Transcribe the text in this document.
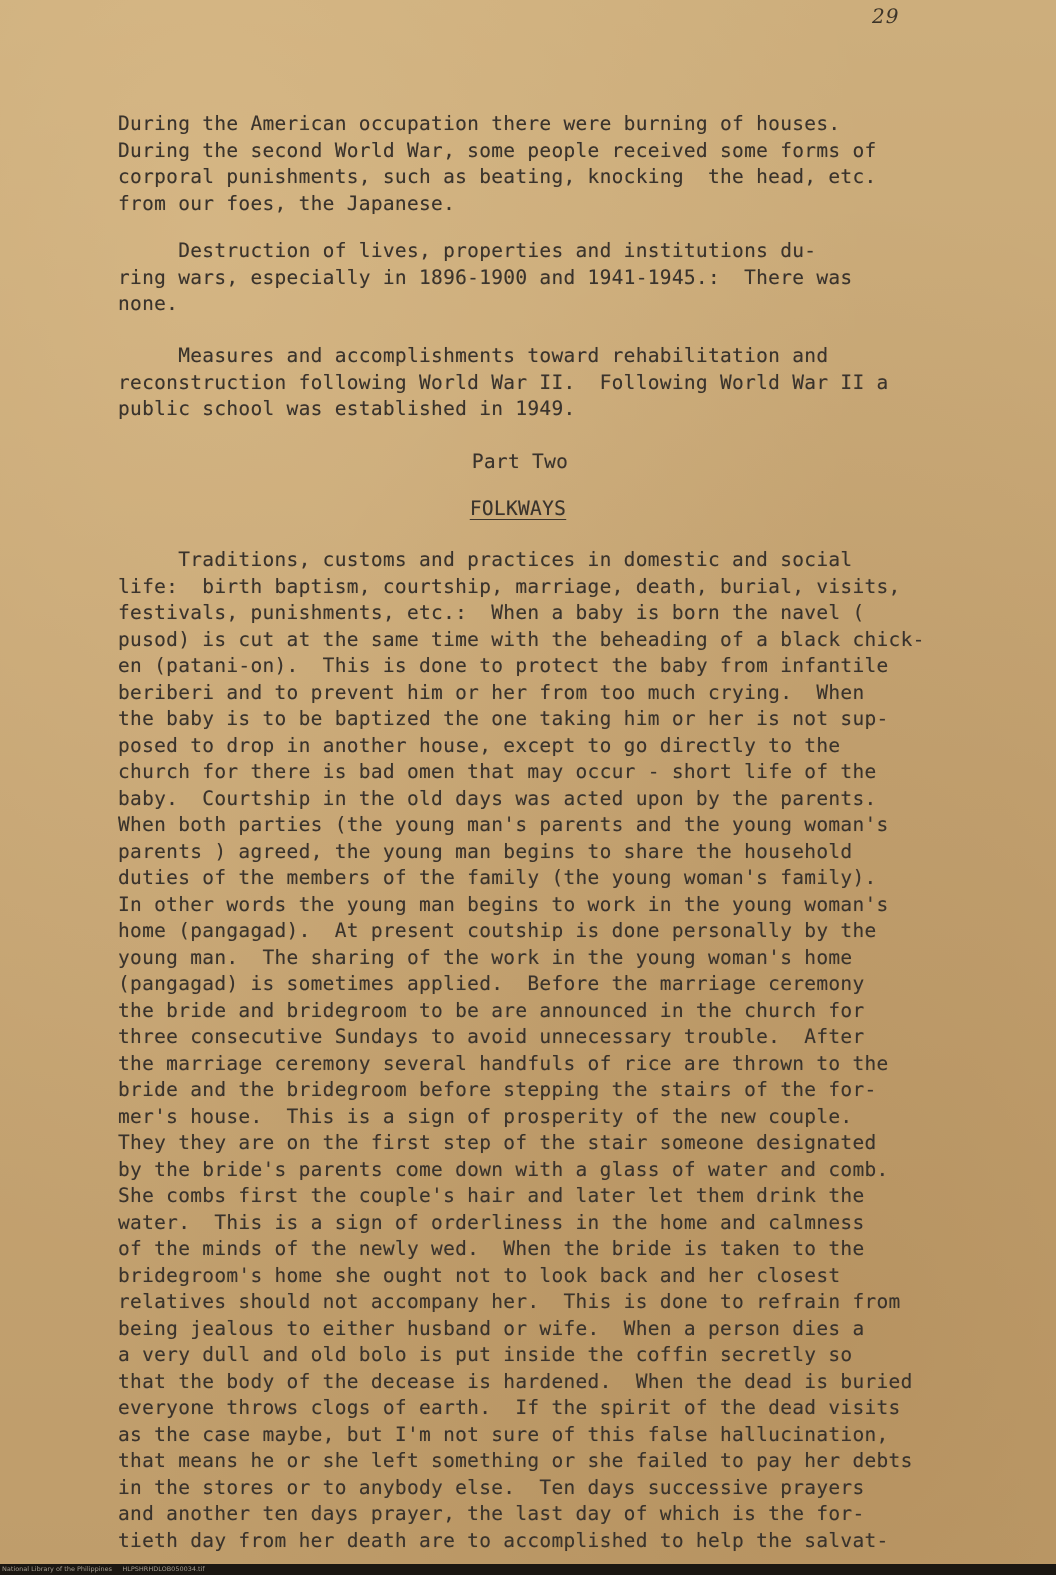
29
During the American occupation there were burning of houses.
During the second World War, some people received some forms of
corporal punishments, such as beating, knocking  the head, etc.
from our foes, the Japanese.
Destruction of lives, properties and institutions du-
ring wars, especially in 1896-1900 and 1941-1945.:  There was
none.
Measures and accomplishments toward rehabilitation and
reconstruction following World War II.  Following World War II a
public school was established in 1949.
Part Two
FOLKWAYS
Traditions, customs and practices in domestic and social
life:  birth baptism, courtship, marriage, death, burial, visits,
festivals, punishments, etc.:  When a baby is born the navel (
pusod) is cut at the same time with the beheading of a black chick-
en (patani-on).  This is done to protect the baby from infantile
beriberi and to prevent him or her from too much crying.  When
the baby is to be baptized the one taking him or her is not sup-
posed to drop in another house, except to go directly to the
church for there is bad omen that may occur - short life of the
baby.  Courtship in the old days was acted upon by the parents.
When both parties (the young man's parents and the young woman's
parents ) agreed, the young man begins to share the household
duties of the members of the family (the young woman's family).
In other words the young man begins to work in the young woman's
home (pangagad).  At present coutship is done personally by the
young man.  The sharing of the work in the young woman's home
(pangagad) is sometimes applied.  Before the marriage ceremony
the bride and bridegroom to be are announced in the church for
three consecutive Sundays to avoid unnecessary trouble.  After
the marriage ceremony several handfuls of rice are thrown to the
bride and the bridegroom before stepping the stairs of the for-
mer's house.  This is a sign of prosperity of the new couple.
They they are on the first step of the stair someone designated
by the bride's parents come down with a glass of water and comb.
She combs first the couple's hair and later let them drink the
water.  This is a sign of orderliness in the home and calmness
of the minds of the newly wed.  When the bride is taken to the
bridegroom's home she ought not to look back and her closest
relatives should not accompany her.  This is done to refrain from
being jealous to either husband or wife.  When a person dies a
a very dull and old bolo is put inside the coffin secretly so
that the body of the decease is hardened.  When the dead is buried
everyone throws clogs of earth.  If the spirit of the dead visits
as the case maybe, but I'm not sure of this false hallucination,
that means he or she left something or she failed to pay her debts
in the stores or to anybody else.  Ten days successive prayers
and another ten days prayer, the last day of which is the for-
tieth day from her death are to accomplished to help the salvat-
National Library of the Philippines     HLPSHRHDLOB050034.tif
